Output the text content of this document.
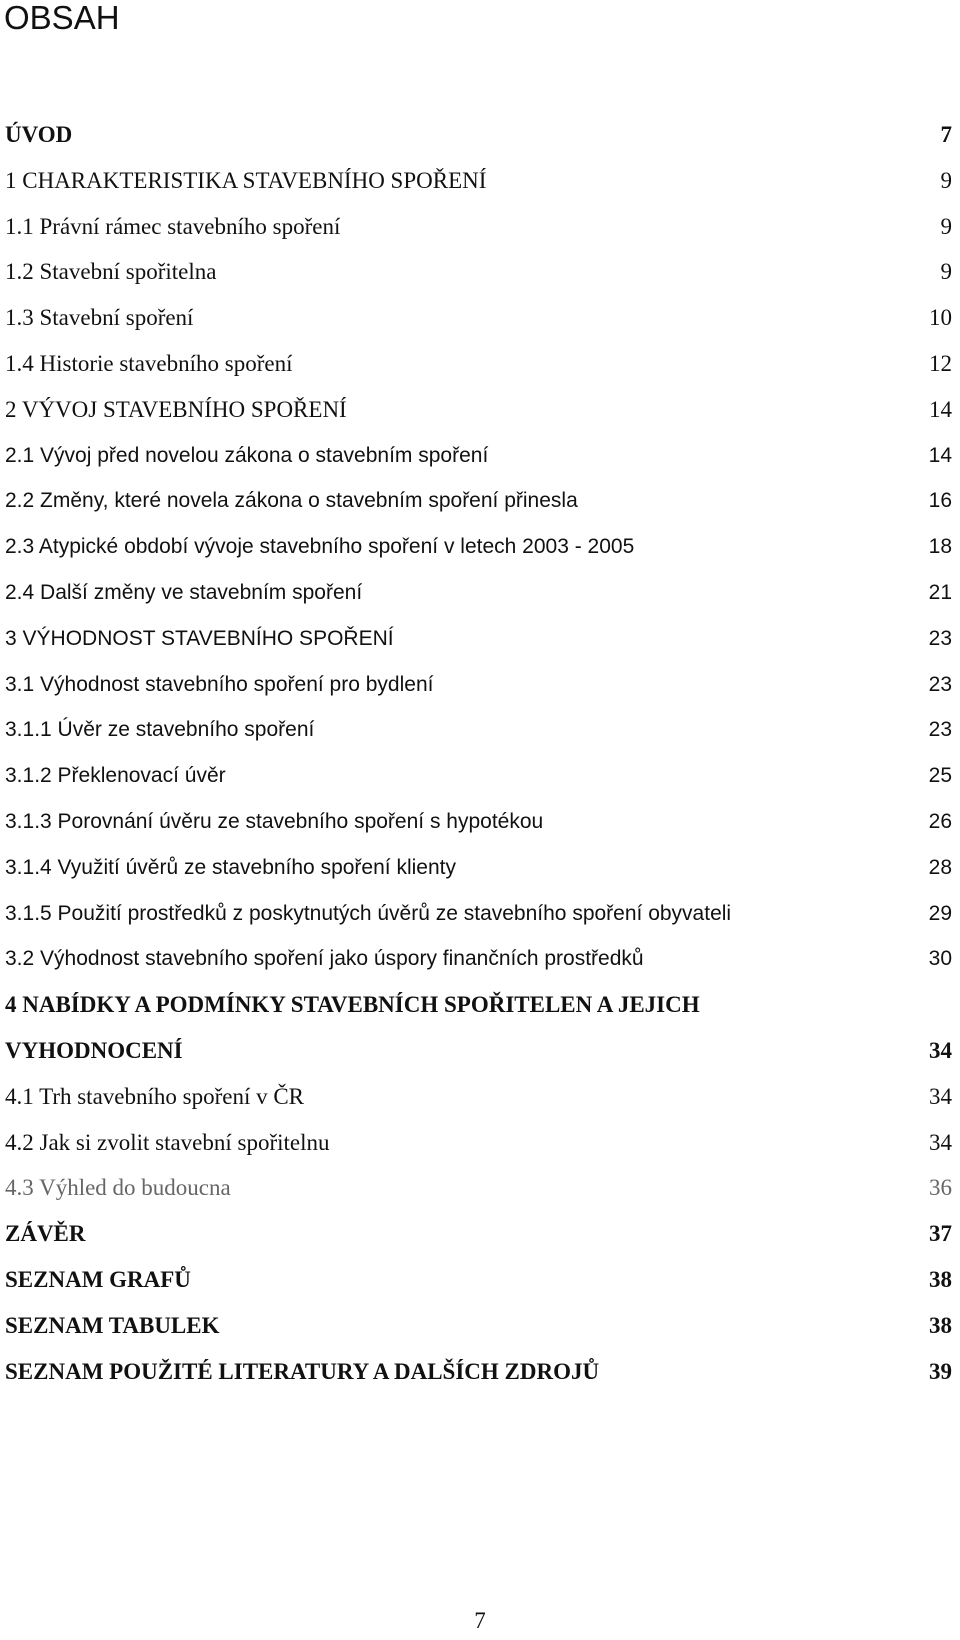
OBSAH
ÚVOD	7
1 CHARAKTERISTIKA STAVEBNÍHO SPOŘENÍ	9
1.1 Právní rámec stavebního spoření	9
1.2 Stavební spořitelna	9
1.3 Stavební spoření	10
1.4 Historie stavebního spoření	12
2 VÝVOJ STAVEBNÍHO SPOŘENÍ	14
2.1 Vývoj před novelou zákona o stavebním spoření	14
2.2 Změny, které novela zákona o stavebním spoření přinesla	16
2.3 Atypické období vývoje stavebního spoření v letech 2003 - 2005	18
2.4 Další změny ve stavebním spoření	21
3 VÝHODNOST STAVEBNÍHO SPOŘENÍ	23
3.1 Výhodnost stavebního spoření pro bydlení	23
3.1.1 Úvěr ze stavebního spoření	23
3.1.2 Překlenovací úvěr	25
3.1.3 Porovnání úvěru ze stavebního spoření s hypotékou	26
3.1.4 Využití úvěrů ze stavebního spoření klienty	28
3.1.5 Použití prostředků z poskytnutých úvěrů ze stavebního spoření obyvateli	29
3.2 Výhodnost stavebního spoření jako úspory finančních prostředků	30
4 NABÍDKY A PODMÍNKY STAVEBNÍCH SPOŘITELEN A JEJICH
VYHODNOCENÍ	34
4.1 Trh stavebního spoření v ČR	34
4.2 Jak si zvolit stavební spořitelnu	34
4.3 Výhled do budoucna	36
ZÁVĚR	37
SEZNAM GRAFŮ	38
SEZNAM TABULEK	38
SEZNAM POUŽITÉ LITERATURY A DALŠÍCH ZDROJŮ	39
7
